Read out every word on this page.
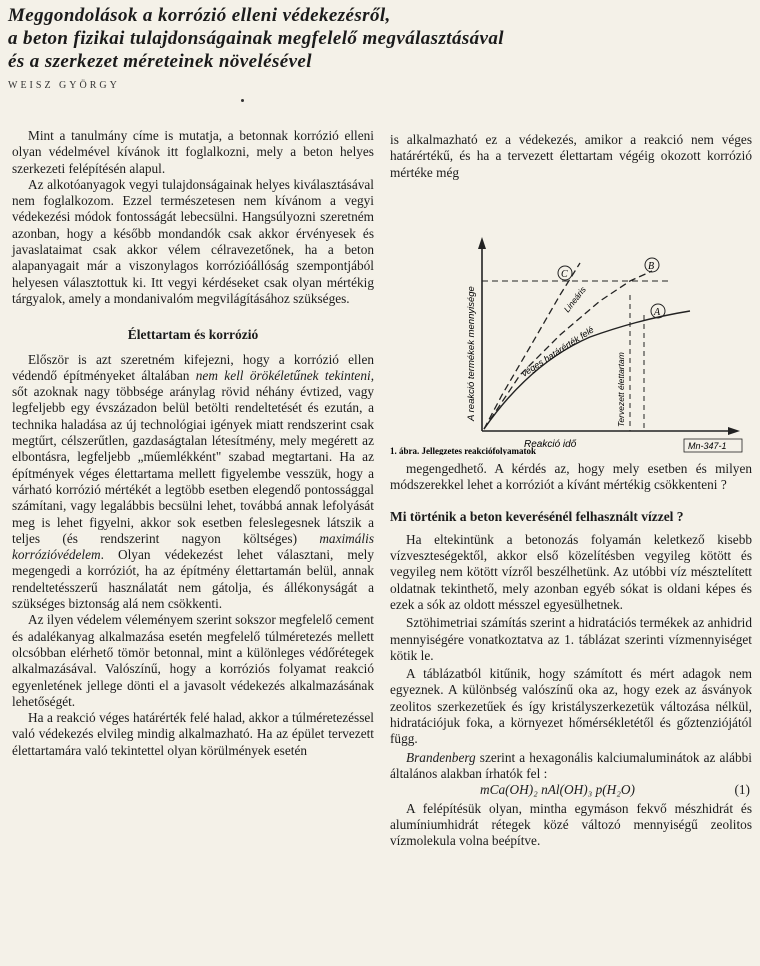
Meggondolások a korrózió elleni védekezésről,
a beton fizikai tulajdonságainak megfelelő megválasztásával
és a szerkezet méreteinek növelésével

WEISZ GYÖRGY

Mint a tanulmány címe is mutatja, a betonnak korrózió elleni olyan védelmével kívánok itt foglalkozni, mely a beton helyes szerkezeti felépítésén alapul.

Az alkotóanyagok vegyi tulajdonságainak helyes kiválasztásával nem foglalkozom. Ezzel természetesen nem kívánom a vegyi védekezési módok fontosságát lebecsülni. Hangsúlyozni szeretném azonban, hogy a később mondandók csak akkor érvényesek és javaslataimat csak akkor vélem célravezetőnek, ha a beton alapanyagait már a viszonylagos korrózióállóság szempontjából helyesen választottuk ki. Itt vegyi kérdéseket csak olyan mértékig tárgyalok, amely a mondanivalóm megvilágításához szükséges.

Élettartam és korrózió

Először is azt szeretném kifejezni, hogy a korrózió ellen védendő építményeket általában nem kell örökéletűnek tekinteni, sőt azoknak nagy többsége aránylag rövid néhány évtized, vagy legfeljebb egy évszázadon belül betölti rendeltetését és ezután, a technika haladása az új technológiai igények miatt rendszerint csak megtűrt, célszerűtlen, gazdaságtalan létesítmény, mely megérett az elbontásra, legfeljebb „műemlékként" szabad megtartani. Ha az építmények véges élettartama mellett figyelembe vesszük, hogy a várható korrózió mértékét a legtöbb esetben elegendő pontossággal számítani, vagy legalábbis becsülni lehet, továbbá annak lefolyását meg is lehet figyelni, akkor sok esetben feleslegesnek látszik a teljes (és rendszerint nagyon költséges) maximális korrózióvédelem. Olyan védekezést lehet választani, mely megengedi a korróziót, ha az építmény élettartamán belül, annak rendeltetésszerű használatát nem gátolja, és állékonyságát a szükséges biztonság alá nem csökkenti.

Az ilyen védelem véleményem szerint sokszor megfelelő cement és adalékanyag alkalmazása esetén megfelelő túlméretezés mellett olcsóbban elérhető tömör betonnal, mint a különleges védőrétegek alkalmazásával. Valószínű, hogy a korróziós folyamat reakció egyenletének jellege dönti el a javasolt védekezés alkalmazásának lehetőségét.

Ha a reakció véges határérték felé halad, akkor a túlméretezéssel való védekezés elvileg mindig alkalmazható. Ha az épület tervezett élettartamára való tekintettel olyan körülmények esetén

is alkalmazható ez a védekezés, amikor a reakció nem véges határértékű, és ha a tervezett élettartam végéig okozott korrózió mértéke még

C
B
A
A reakció termékek mennyisége
Reakció idő
Lineáris
véges határérték felé
Tervezett élettartam
Mn-347-1
1. ábra. Jellegzetes reakciófolyamatok

megengedhető. A kérdés az, hogy mely esetben és milyen módszerekkel lehet a korróziót a kívánt mértékig csökkenteni ?

Mi történik a beton keverésénél felhasznált vízzel ?

Ha eltekintünk a betonozás folyamán keletkező kisebb vízveszteségektől, akkor első közelítésben vegyileg kötött és vegyileg nem kötött vízről beszélhetünk. Az utóbbi víz mésztelített oldatnak tekinthető, mely azonban egyéb sókat is oldani képes és ezek a sók az oldott mésszel egyesülhetnek.

Sztöhimetriai számítás szerint a hidratációs termékek az anhidrid mennyiségére vonatkoztatva az 1. táblázat szerinti vízmennyiséget kötik le.

A táblázatból kitűnik, hogy számított és mért adagok nem egyeznek. A különbség valószínű oka az, hogy ezek az ásványok zeolitos szerkezetűek és így kristályszerkezetük változása nélkül, hidratációjuk foka, a környezet hőmérsékletétől és gőztenziójától függ.

Brandenberg szerint a hexagonális kalciumaluminátok az alábbi általános alakban írhatók fel :

mCa(OH)₂ nAl(OH)₃ p(H₂O)	(1)

A felépítésük olyan, mintha egymáson fekvő mészhidrát és alumíniumhidrát rétegek közé változó mennyiségű zeolitos vízmolekula volna beépítve.
